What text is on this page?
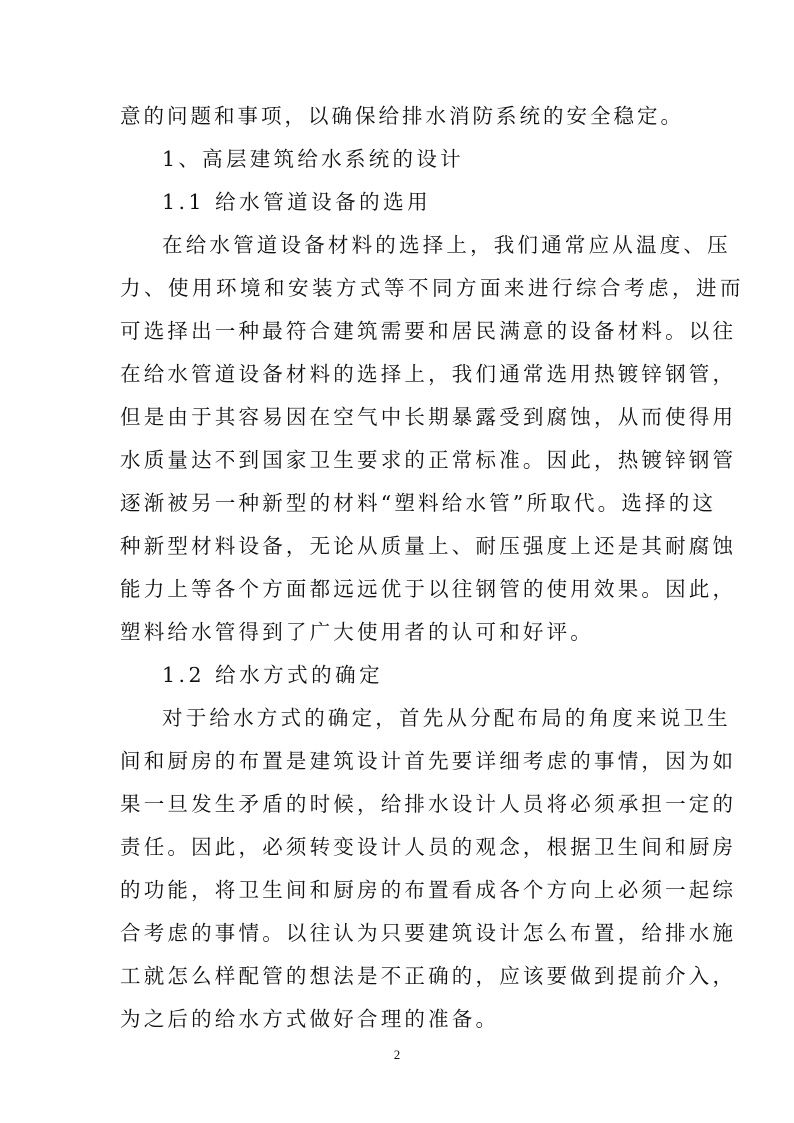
意的问题和事项，以确保给排水消防系统的安全稳定。
1、高层建筑给水系统的设计
1.1 给水管道设备的选用
在给水管道设备材料的选择上，我们通常应从温度、压
力、使用环境和安装方式等不同方面来进行综合考虑，进而
可选择出一种最符合建筑需要和居民满意的设备材料。以往
在给水管道设备材料的选择上，我们通常选用热镀锌钢管，
但是由于其容易因在空气中长期暴露受到腐蚀，从而使得用
水质量达不到国家卫生要求的正常标准。因此，热镀锌钢管
逐渐被另一种新型的材料“塑料给水管”所取代。选择的这
种新型材料设备，无论从质量上、耐压强度上还是其耐腐蚀
能力上等各个方面都远远优于以往钢管的使用效果。因此，
塑料给水管得到了广大使用者的认可和好评。
1.2 给水方式的确定
对于给水方式的确定，首先从分配布局的角度来说卫生
间和厨房的布置是建筑设计首先要详细考虑的事情，因为如
果一旦发生矛盾的时候，给排水设计人员将必须承担一定的
责任。因此，必须转变设计人员的观念，根据卫生间和厨房
的功能，将卫生间和厨房的布置看成各个方向上必须一起综
合考虑的事情。以往认为只要建筑设计怎么布置，给排水施
工就怎么样配管的想法是不正确的，应该要做到提前介入，
为之后的给水方式做好合理的准备。
2
